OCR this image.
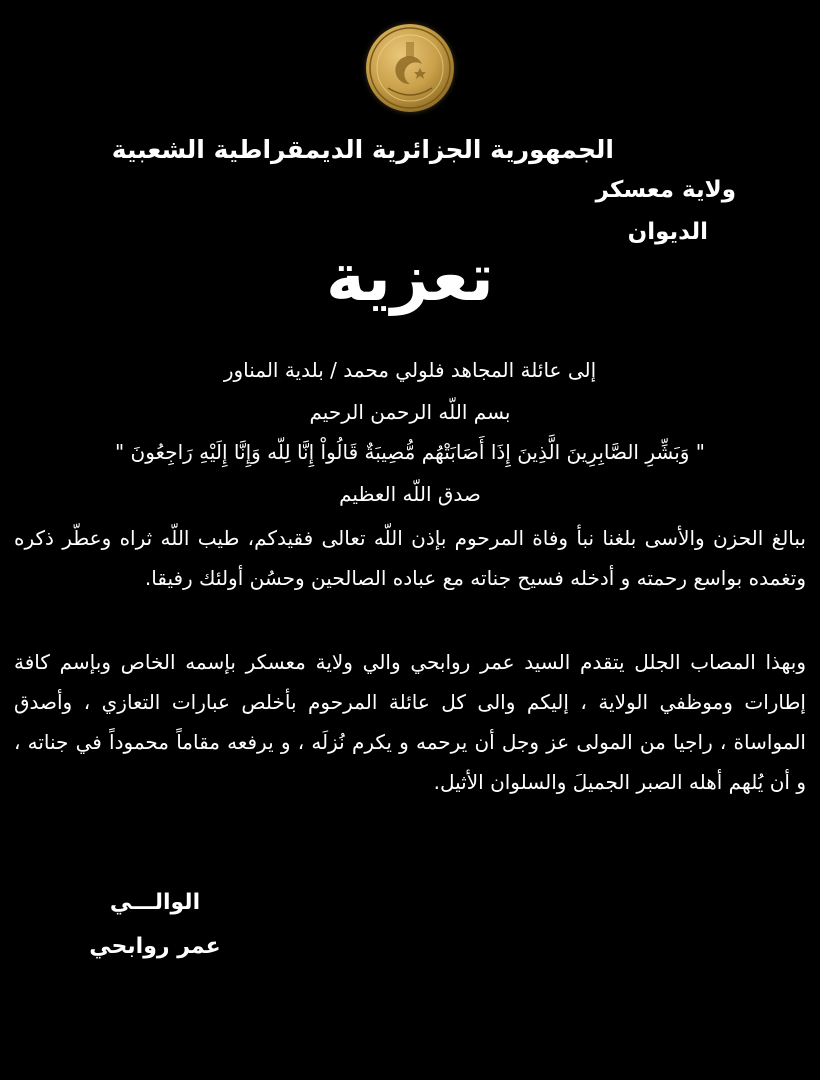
الجمهورية الجزائرية الديمقراطية الشعبية
ولاية معسكر
الديوان
تعزية
إلى عائلة المجاهد فلولي محمد / بلدية المناور
بسم اللّه الرحمن الرحيم
" وَبَشِّرِ الصَّابِرِينَ الَّذِينَ إِذَا أَصَابَتْهُم مُّصِيبَةٌ قَالُواْ إِنَّا لِلّه وَإِنَّا إِلَيْهِ رَاجِعُونَ "
صدق اللّه العظيم
ببالغ الحزن والأسى بلغنا نبأ وفاة المرحوم بإذن اللّه تعالى فقيدكم، طيب اللّه ثراه وعطّر ذكره وتغمده بواسع رحمته و أدخله فسيح جناته مع عباده الصالحين وحسُن أولئك رفيقا.
وبهذا المصاب الجلل يتقدم السيد عمر روابحي والي ولاية معسكر بإسمه الخاص وبإسم كافة إطارات وموظفي الولاية ، إليكم والى كل عائلة المرحوم بأخلص عبارات التعازي ، وأصدق المواساة ، راجيا من المولى عز وجل أن يرحمه و يكرم نُزلَه ، و يرفعه مقاماً محموداً في جناته ، و أن يُلهم أهله الصبر الجميلَ والسلوان الأثيل.
الوالـــي
عمر روابحي
